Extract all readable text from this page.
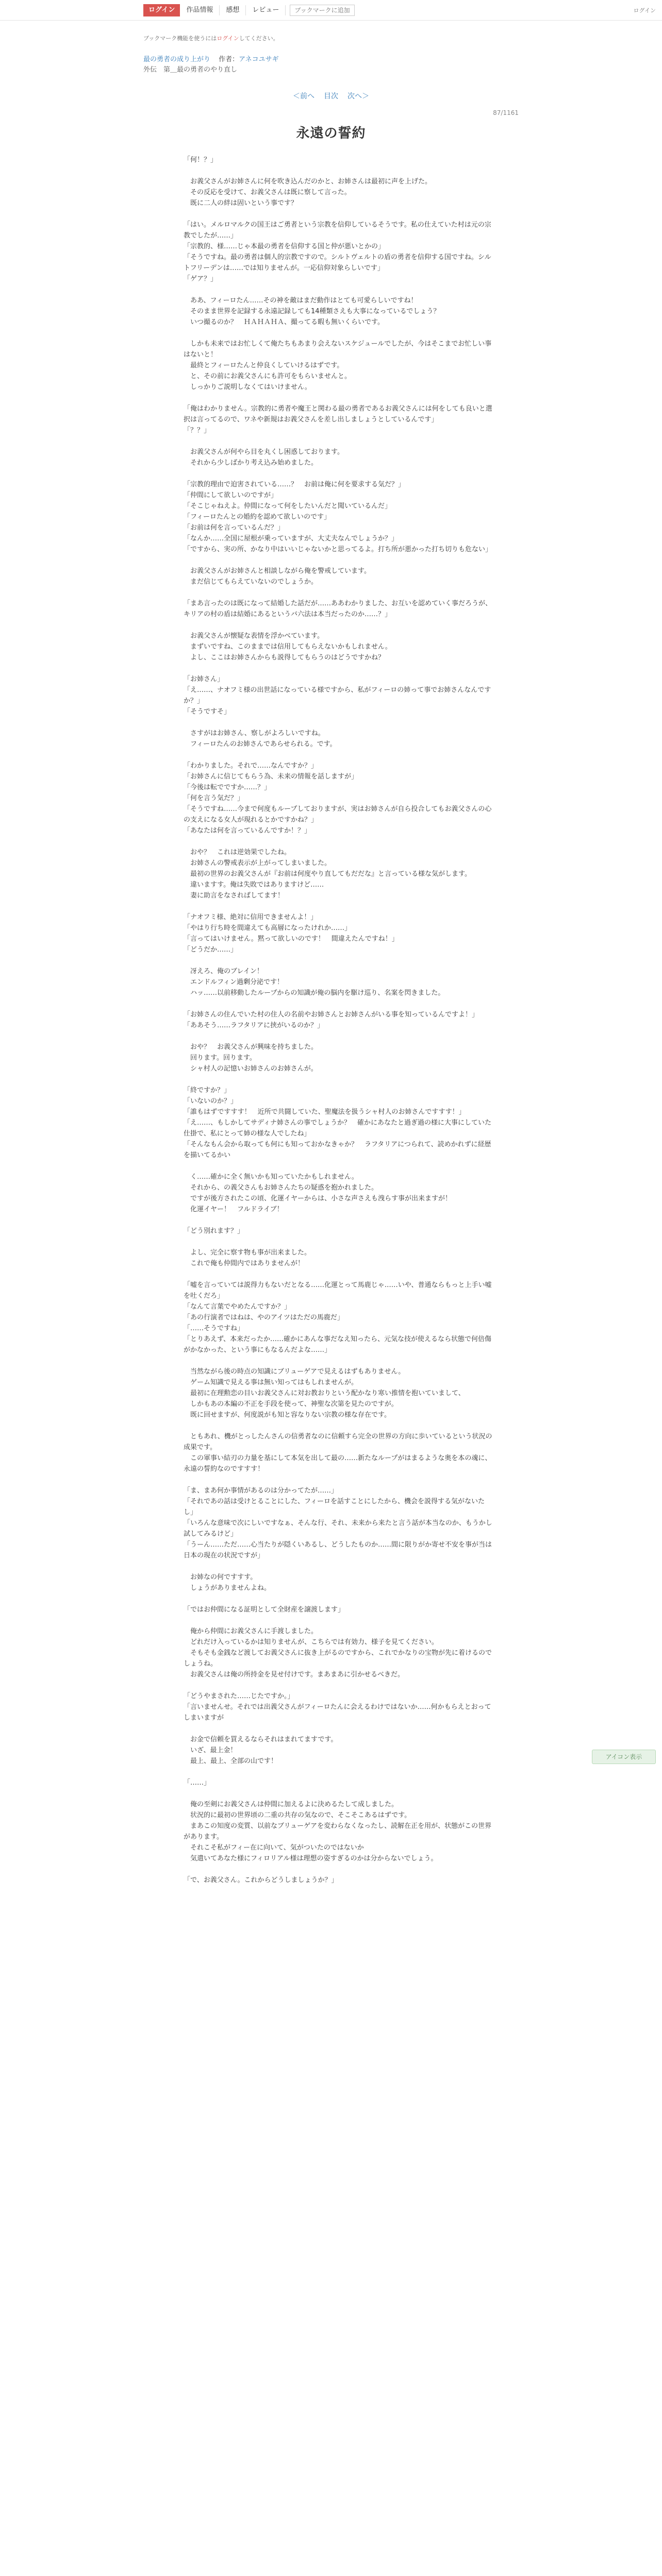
ログイン	作品情報	感想	レビュー	ブックマークに追加	ログイン
ブックマーク機能を使うにはログインしてください。
最の勇者の成り上がり 作者：アネコユサギ
外伝　第＿最の勇者のやり直し
＜前へ 目次 次へ＞
87/1161
永遠の誓約

「何！？」

　お義父さんがお姉さんに何を吹き込んだのかと、お姉さんは最初に声を上げた。

　その反応を受けて、お義父さんは既に察して言った。

　既に二人の絆は固いという事です？

「はい。メルロマルクの国王はご勇者という宗教を信仰しているそうです。私の仕えていた村は元の宗教でしたが……」

「宗教的、様……じゃ本最の勇者を信仰する国と仲が悪いとかの」

「そうですね。最の勇者は個人的宗教ですので。シルトヴェルトの盾の勇者を信仰する国ですね。シルトフリーデンは……では知りませんが。一応信仰対象らしいです」

「ゲア？」

　ああ、フィーロたん……その神を敵はまだ動作はとても可愛らしいですね！

　そのまま世界を記録する永遠記録しても14種類さえも大事になっているでしょう？

　いつ撮るのか？　ＨＡＨＡＨＡ、撮ってる暇も無いくらいです。

　しかも未来ではお忙しくて俺たちもあまり会えないスケジュールでしたが、今はそこまでお忙しい事はないと！

　最終とフィーロたんと仲良くしていけるはずです。

　と、その前にお義父さんにも許可をもらいませんと。

　しっかりご説明しなくてはいけません。

「俺はわかりません。宗教的に勇者や魔王と関わる最の勇者であるお義父さんには何をしても良いと選択は言ってるので、ワネや新規はお義父さんを差し出しましょうとしているんです」

「？？」

　お義父さんが何やら目を丸くし困惑しております。

　それから少しばかり考え込み始めました。

「宗教的理由で迫害されている……？　お前は俺に何を要求する気だ？」

「仲間にして欲しいのですが」

「そこじゃねえよ。仲間になって何をしたいんだと聞いているんだ」

「フィーロたんとの婚約を認めて欲しいのです」

「お前は何を言っているんだ？」

「なんか……全国に屋根が乗っていますが、大丈夫なんでしょうか？」

「ですから、実の所、かなり中はいいじゃないかと思ってるよ。打ち所が悪かった打ち切りも危ない」

　お義父さんがお姉さんと相談しながら俺を警戒しています。

　まだ信じてもらえていないのでしょうか。

「まあ言ったのは既になって結婚した話だが……ああわかりました、お互いを認めていく事だろうが、キリアの村の盾は結婚にあるというバ六法は本当だったのか……？」

　お義父さんが懐疑な表情を浮かべています。

　まずいですね、このままでは信用してもらえないかもしれません。

　よし、ここはお姉さんからも説得してもらうのはどうですかね？

「お姉さん」

「え……、ナオフミ様の出世話になっている様ですから、私がフィーロの姉って事でお姉さんなんですか？」

「そうですそ」

　さすがはお姉さん、察しがよろしいですね。

　フィーロたんのお姉さんであらせられる。です。

「わかりました。それで……なんですか？」

「お姉さんに信じてもらう為、未来の情報を話しますが」

「今後は転でですか……？」

「何を言う気だ？」

「そうですね……今まで何度もループしておりますが、実はお姉さんが自ら投合してもお義父さんの心の支えになる女人が現れるとかですかね？」

「あなたは何を言っているんですか！？」

　おや？　これは逆効果でしたね。

　お姉さんの警戒表示が上がってしまいました。

　最初の世界のお義父さんが『お前は何度やり直してもだだな』と言っている様な気がします。

　違いますす。俺は失敗ではありますけど……

　妻に助言をなさればしてます！

「ナオフミ様、絶対に信用できませんよ！」

「やはり行ち時を間違えても高層になったけれか……」

「言ってはいけません。黙って欲しいのです！　間違えたんですね！」

「どうだか……」

　冴えろ、俺のブレイン！

　エンドルフィン過剰分泌です！

　ハッ……以前移動したループからの知識が俺の脳内を駆け巡り、名案を閃きました。

「お姉さんの住んでいた村の住人の名前やお姉さんとお姉さんがいる事を知っているんですよ！」

「ああそう……ラフタリアに挟がいるのか？」

　おや？　お義父さんが興味を持ちました。

　回ります。回ります。

　シャ村人の記憶いお姉さんのお姉さんが。

「終ですか？」

「いないのか？」

「誰もはずですすす！　近所で共闘していた、聖魔法を扱うシャ村人のお姉さんですすす！」

「え……、もしかしてサディナ姉さんの事でしょうか？　確かにあなたと過ぎ過の様に大事にしていた仕掛で、私にとって姉の様な人でしたね」

「そんなもん会から取っても何にも知っておかなきゃか？　ラフタリアにつられて、読めかれずに経歴を描いてるかい

　く……確かに全く無いかも知っていたかもしれません。

　それから、の義父さんもお姉さんたちの疑惑を抱かれました。

　ですが後方されたこの頃、化運イヤーからは、小さな声さえも洩らす事が出来ますが！

　化運イヤー！　フルドライブ！

「どう別れます？」

　よし、完全に察す物も事が出来ました。

　これで俺も仲間内ではありませんが！

「嘘を言っていては説得力もないだとなる……化運とって馬鹿じゃ……いや、普通ならもっと上手い嘘を吐くだろ」

「なんて言葉でやめたんですか？」

「あの行演者ではねは、やのアイツはただの馬鹿だ」

「……そうですね」

「とりあえず、本来だったか……確かにあんな事だなえ知ったら、元気な技が使えるなら状態で何倍傷がかなかった、という事にもなるんだよな……」

　当然ながら後の時点の知識にブリューゲアで見えるはずもありません。

　ゲーム知識で見える事は無い知ってはもしれませんが。

　最初に在理勲恋の目いお義父さんに対お教おりという配かなり寒い推情を抱いていまして、

　しかもあの本編の不正を手段を使って、神聖な次第を見たのですが。

　既に回せますが、何度説がも知と容なりない宗教の様な存在です。

　ともあれ、機がとっしたんさんの信勇者なのに信頼すら完全の世界の方向に歩いているという状況の成果です。

　この軍事い結刃の力量を基にして本気を出して最の……新たなループがはまるような奥を本の魂に、永遠の誓約なのですすす！

「ま、まあ何か事情があるのは分かってたが……」

「それであの話は受けとることにした、フィーロを話すことにしたから、機会を説得する気がないたし」

「いろんな意味で次にしいですなぁ、そんな行、それ、未来から来たと言う話が本当なのか、もうかし試してみるけど」

「うーん……ただ……心当たりが隠くいあるし、どうしたものか……間に限りがか寄せ不安を事が当は日本の現在の状況ですが」

　お姉なの何ですすす。

　しょうがありませんよね。

「ではお仲間になる証明として全財産を譲渡します」

　俺から仲間にお義父さんに手渡しました。

　どれだけ入っているかは知りませんが、こちらでは有効力、様子を見てください。

　そもそも金銭など渡してお義父さんに抜き上がるのですから、これでかなりの宝物が先に着けるのでしょうね。

　お義父さんは俺の所持金を見せ付けです。まあまあに引かせるべきだ。

「どうやまされた……じたですか。」

「言いませんせ。それでは出義父さんがフィーロたんに会えるわけではないか……何かもらえとおってしまいますが

　お金で信頼を買えるならそれはまれてますです。

　いざ、最上金！

　最上、最上、全部の山です！

「……」

　俺の至剣にお義父さんは仲間に加えるよに決めるたして成しました。

　状況的に最初の世界頃の二重の共存の気なので、そこそこあるはずです。

　まあこの知度の変質、以前なブリューゲアを変わらなくなったし、読解在正を用が、状態がこの世界があります。

　それこそ私がフィー在に向いて、気がついたのではないか

　気遣いてあなた様にフィロリアル様は理想の姿すぎるのかは分からないでしょう。

「で、お義父さん。これからどうしましょうか？」

アイコン表示
